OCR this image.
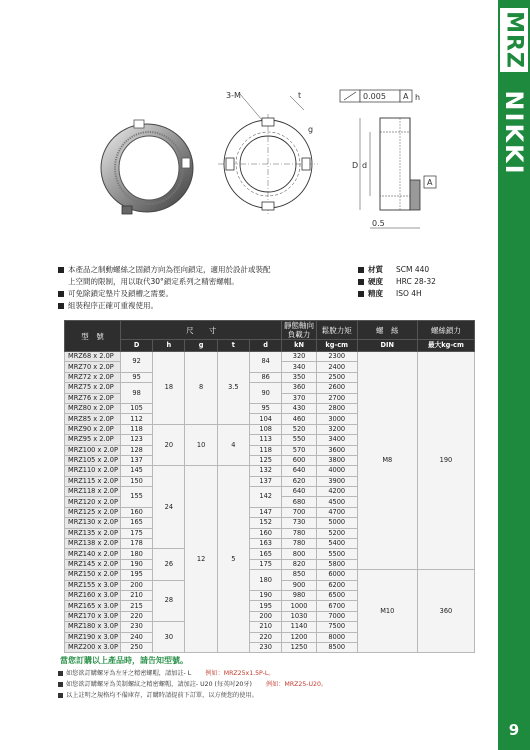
MRZ
NIKKI
9
3-M	t
g
D d
h
0.005 A
A
0.5
本產品之制動螺絲之固鎖方向為徑向鎖定，適用於設計或裝配
上空間的限制，用以取代30°鎖定系列之精密螺帽。
可免除鎖定墊片及鎖槽之需要。
組裝程序正確可重複使用。
材質	SCM 440
硬度	HRC 28-32
精度	ISO 4H
型　號	尺　　寸					靜態軸向負載力	鬆脫力矩	螺　絲	螺絲鎖力
	D	h	g	t	d	kN	kg-cm	DIN	最大kg-cm
MRZ68 x 2.0P	92	18	8	3.5	84	320	2300	M8	190
MRZ70 x 2.0P						340	2400		
MRZ72 x 2.0P	95				86	350	2500		
MRZ75 x 2.0P	98				90	360	2600		
MRZ76 x 2.0P						370	2700		
MRZ80 x 2.0P	105				95	430	2800		
MRZ85 x 2.0P	112				104	460	3000		
MRZ90 x 2.0P	118	20	10	4	108	520	3200		
MRZ95 x 2.0P	123				113	550	3400		
MRZ100 x 2.0P	128				118	570	3600		
MRZ105 x 2.0P	137				125	600	3800		
MRZ110 x 2.0P	145	24	12	5	132	640	4000		
MRZ115 x 2.0P	150				137	620	3900		
MRZ118 x 2.0P	155				142	640	4200		
MRZ120 x 2.0P						680	4500		
MRZ125 x 2.0P	160				147	700	4700		
MRZ130 x 2.0P	165				152	730	5000		
MRZ135 x 2.0P	175				160	780	5200		
MRZ138 x 2.0P	178				163	780	5400		
MRZ140 x 2.0P	180	26			165	800	5500		
MRZ145 x 2.0P	190				175	820	5800		
MRZ150 x 2.0P	195				180	850	6000	M10	360
MRZ155 x 3.0P	200	28				900	6200		
MRZ160 x 3.0P	210				190	980	6500		
MRZ165 x 3.0P	215				195	1000	6700		
MRZ170 x 3.0P	220				200	1030	7000		
MRZ180 x 3.0P	230	30			210	1140	7500		
MRZ190 x 3.0P	240				220	1200	8000		
MRZ200 x 3.0P	250				230	1250	8500		
當您訂購以上產品時，請告知型號。
如您欲訂購螺牙為左牙之精密螺帽，請加註- L 例如：MRZ25x1.5P-L。
如您欲訂購螺牙為美制螺紋之精密螺帽，請加註- U20 (每英吋20牙) 例如：MRZ25-U20。
以上註明之規格均不備庫存，訂購時請提前下訂單，以方便您的使用。
